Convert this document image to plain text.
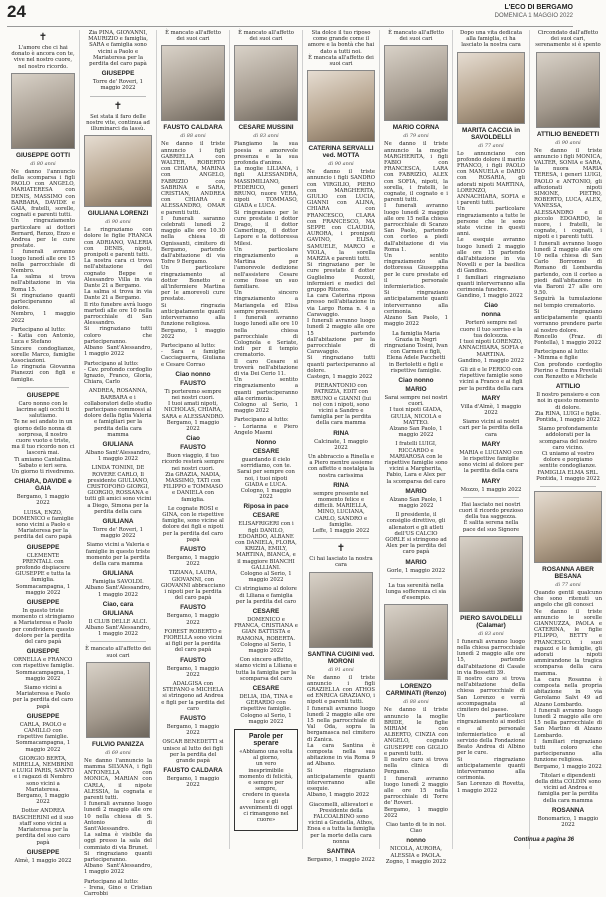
24	L'ECO DI BERGAMO
DOMENICA 1 MAGGIO 2022
✝

L'amore che ci hai donato è ancora con te, vive nel nostro cuore, nel nostro ricordo.

GIUSEPPE GOTTI
di 80 anni

Ne danno l'annuncio della scomparsa i figli PAOLO con ANGELO, MARIATERESA con DENIS, MASSIMO con BARBARA, DAVIDE e GAIA, fratelli, sorelle, cognati e parenti tutti.
Un ringraziamento particolare ai dottori Bernard, Renzo, Enzo e Andrea per le cure prestate.
I funerali avranno luogo lunedì alle ore 15 nella parrocchiale di Nembro.
La salma si trova nell'abitazione in via Roma 15.
Si ringraziano quanti parteciperanno al dolore.
Nembro, 1 maggio 2022

Partecipano al lutto:
- Katia con Antonio, Luca e Stefano
Sincere condoglianze, sorelle Marco, famiglie Associazioni.
Lo ringrazia Giovanna Pianezzi con figli e famiglie.

GIUSEPPE

Caro nonno con le lacrime agli occhi ti salutiamo.
Te ne sei andato in un giorno dello nonna di sorpresa, il nostro cuore vuoto e triste, ma il tuo ricordo non ci lascerà mai.
Ti amiamo Cantalina.
Sabato e ieri sera.
Un giorno ti rivedremo.

CHIARA, DAVIDE e GAIA

Bergamo, 1 maggio 2022

LUISA, ENZO, DOMENICO e famiglie sono vicini a Paolo e Mariateresa per la perdita del caro papà

GIUSEPPE

CLEMENTE PRENTALL con profondo dispiacere GIUSEPPE e tutta la famiglia.
Sommacampagna, 1 maggio 2022

GIUSEPPE

In questo triste momento ci stringiamo a Mariateresa e Paolo per condividere questo dolore per la perdita del caro papà

GIUSEPPE

ORNELLA e FRANCO con rispettive famiglie.
Sommacampagna, 1 maggio 2022

Siamo vicini a Mariateresa e Paolo per la perdita del caro papà

GIUSEPPE

CARLA, PAOLO e CAMILLO con rispettive famiglie.
Sommacampagna, 1 maggio 2022

GIORGIO BERTA, MIRELLA, NEMBRINI e LUIGI PARIS, SANTO e i ragazzi di Nembro sono vicini a Mariateresa.
Bergamo, 1 maggio 2022

Dottor ANDREA BASCHERINI ed il suo staff sono vicini a Mariateresa per la perdita del suo caro papà

GIUSEPPE

Almè, 1 maggio 2022

Zia PINA, GIOVANNI, MAURIZIO e famiglia, SARA e famiglia sono vicini a Paolo e Mariateresa per la perdita del caro papà

GIUSEPPE

Torre de' Roveri, 1 maggio 2022

✝

Sei stata il faro delle nostre vite, continua ad illuminarci da lassù.

GIULIANA LORENZI
di 90 anni

Le ringraziamo con dolore le figlie FRANCA con ADRIANO, VALERIA con DENIS, nipoti, pronipoti e parenti tutti.
La nostra cara ci trova nell'abitazione del cognato Beppe e Alessandro Villa in via Dante 21 a Bergamo.
La salma si trova in via Dante 21 a Bergamo.
Il rito funebre avrà luogo martedì alle ore 10 nella parrocchiale di San Alessandro.
Si ringraziano tutti coloro che parteciperanno.
Albano Sant'Alessandro, 1 maggio 2022

Partecipano al lutto:
- Cav. profondo cordoglio Ignazio, Franco, Gloria, Chiara, Carlo

ANDREA, ROSANNA, BARBARA e i collaboratori dello studio partecipano commossi al dolore della figlia Valeria e famigliari per la perdita della cara mamma

GIULIANA

Albano Sant'Alessandro, 1 maggio 2022

LINDA TONINI, DE ROVERE CARLO, Il presidente GIULIANO, CRISTOFORO GIORGI, GIORGIO, ROSSANA e tutti gli amici sono vicini a Diego, Simona per la perdita della cara

GIULIANA

Torre de' Roveri, 1 maggio 2022

Siamo vicini a Valeria e famiglie in questo triste momento per la perdita della cara mamma

GIULIANA

Famiglia SAVOLDI.
Albano Sant'Alessandro, 1 maggio 2022

Ciao, cara
GIULIANA

Il CLUB DELLE ALCI.
Albano Sant'Alessandro, 1 maggio 2022

È mancato all'affetto dei suoi cari

FULVIO PANIZZA
di 69 anni

Ne danno l'annuncio la mamma SILVANA, i figli ANTONELLA con MONICA, MARIAN con CARLA, il nipote ALESSIA, la cognata e parenti tutti.
I funerali avranno luogo lunedì 2 maggio alle ore 10 nella chiesa di S. Antonio di Sant'Alessandro.
La salma è visibile da oggi presso la sala del commiato di via Brunet.
Si ringraziano quanti parteciperanno.
Albano Sant'Alessandro, 1 maggio 2022

Partecipano al lutto:
- Irena, Gino e Cristian Carrobbi

È mancato all'affetto dei suoi cari

FAUSTO CALDARA
di 88 anni

Ne danno il triste annuncio i figli GABRIELLA con WALTER, ROBERTO con CHIARA, MARINA con ANGELO, FABRIZIO con SABRINA e SARA, CRISTIAN, ANDREA con CHIARA e ALESSANDRO, OMAR e parenti tutti.
I funerali saranno celebrati lunedì 2 maggio alle ore 10.30 nella chiesa di Ognissanti, cimitero di Bergamo, partendo dall'abitazione di via Tofre 9 Bergamo.
Un particolare ringraziamento al dottor Bonetto e all'infermiere Martina per le amorevoli cure prestate.
Si ringrazia anticipatamente quanti interverranno alla funzione religiosa.
Bergamo, 1 maggio 2022

Partecipano al lutto:
- Sara e famiglie Cacciaguerra, Giuliana e Cesare Corrao

Ciao nonno
FAUSTO

Ti porteremo sempre nei nostri cuori.
I tuoi amati nipoti, NICHOLAS, CHIARA, SARA e ALESSANDRO.
Bergamo, 1 maggio 2022

Ciao
FAUSTO

Buon viaggio, il tuo ricordo resterà sempre nei nostri cuori.
Zia GRAZIA, NADIA, MASSIMO, TATI con FILIPPO e TOMMASO e DANIELA con famiglia.

Le cognate ROSI e GINA, con le rispettive famiglie, sono vicine al dolore dei figli e nipoti per la perdita del caro papà

FAUSTO

Bergamo, 1 maggio 2022

TIZIANA, LAURA, GIOVANNI, con GIOVANNI abbracciano i nipoti per la perdita del caro papà

FAUSTO

Bergamo, 1 maggio 2022

FOREST ROBERTO e FIORELLA sono vicini ai figli per la perdita del caro papà

FAUSTO

Bergamo, 1 maggio 2022

ADALGISA con STEFANO e MICHELA si stringono ad Andrea e figli per la perdita del caro

FAUSTO

Bergamo, 1 maggio 2022

OSCAR BENEDETTI si unisce al lutto dei figli per la perdita del grande papà

FAUSTO CALDARA

Bergamo, 1 maggio 2022

È mancato all'affetto dei suoi cari

CESARE MUSSINI
di 83 anni

Piangiamo la sua poesia e amorevole presenza e la sua profonda d'animo.
La moglie LILIANA, i figli ALESSANDRA, MASSIMILIANO, FEDERICO, generi BRUNO, nuore VERA, nipoti TOMMASO, GIADA e LUCA.
Si ringraziano per le cure prestate il dottor Drago, il dottor Camerlingo, il dottor Lepore e la dottoressa Milesi.
Un particolare ringraziamento a Martina per l'amorevole dedizione nell'assistere Cesare come fosse un suo familiare.
Un sincero ringraziamento a Mariangela ed Elisa sempre presenti.
I funerali avranno luogo lunedì alle ore 10 nella chiesa parrocchiale di Colognola e Seriate, indi per il tempio crematorio.
Il caro Cesare si troverà nell'abitazione di via Dei Cerio 11.
Un sentito ringraziamento a quanti parteciperanno alla cerimonia.
Cologno al Serio, 1 maggio 2022

Partecipano al lutto:
- Lorianna e Piero Angelo Masmi

Nonno
CESARE

guardando il cielo sorridiamo, con te. Sarai per sempre con noi, i tuoi nipoti
GIADA e LUCA.
Cologno, 1 maggio 2022

Riposa in pace
CESARE

ELISAFRIGERI con i figli DANILO, EDOARDO, ALBANE con DANIELA, FLORA, KRIZIA, EMILY, MARTINA, BIANCA, e il maggiore BIANCHI GALLIANI.
Cologno al Serio, 1 maggio 2022

Ci stringiamo al dolore di Liliana e famiglia per la perdita del caro

CESARE

DOMENICO e FRANCA, CRISTIANA e GIAN BATTISTA e RAMONA, ROBERTA.
Cologno al Serio, 1 maggio 2022

Con sincero affetto, siamo vicini a Liliana e tutta la famiglia per la scomparsa del caro

CESARE

DELIA, IDA, TINA e GERARDO con rispettive famiglie.
Cologno al Serio, 1 maggio 2022

Parole per sperare

«Abbiamo una volta al giorno,
un vero inesprimibile momento di felicità, e sempre per sempre,
credere in questa luce e gli avvenimenti di oggi ci rimangono nel cuore»

Sta dolce il tuo riposo come grande come il amore e la bontà che hai dato a tutti noi.
È mancata all'affetto dei suoi cari

CATERINA SERVALLI ved. MOTTA
di 90 anni

Ne danno il triste annuncio i figli SANDRO con VIRGILIO, PIERO con MARGHERITA, GIULIO con LUCIA, GIANNI con ALINA, CHIARA con FRANCESCO, CLARA con FRANCESCO, MA SEPPE con CLAUDIA, AURORA, i pronipoti GAVINO, ELISA, SAMUELE, MARCO e VIOLA, la sorella MARZIA e parenti tutti.
Si ringraziano per le cure prestate il dottor Guglielmo Pezzoli, infermieri e medici del gruppo Ritorno.
La cara Caterina riposa presso nell'abitazione in via Largo Roma n. 4 a Caravaggio.
I funerali avranno luogo lunedì 2 maggio alle ore 15 partendo dall'abitazione per la parrocchiale di Caravaggio.
Si ringraziano tutti quanti parteciperanno al dolore.
Castegn, 1 maggio 2022

PIERANTONIO con PATRIZIA, EDIT con BRUNO e GIANNI (lui no) con i nipoti, sono vicini a Sandro e famiglia per la perdita della cara mamma

RINA

Calcinate, 1 maggio 2022

Un abbraccio a Rinella e a Piero mentre assieme con affetto e nostalgia la nostra carissima

RINA

sempre presente nel momento felice e difficili. MARIELLA, MINO, LUCIANA, CARLO, SANDRO e famiglie.
Leffe, 1 maggio 2022

✝

Ci hai lasciato la nostra cara

SANTINA CUGINI ved. MORONI
di 91 anni

Ne danno il triste annuncio i figli GRAZIELLA con ATHOS ed ENRICA GRAZIANO, i nipoti e parenti tutti.
I funerali avranno luogo lunedì 2 maggio alle ore 15 nella parrocchiale di Val Oda, sopra la bergamasca nel cimitero di Zanica.
La cara Santina è composta nella sua abitazione in via Roma 9 ad Albano.
Si ringraziano anticipatamente quanti interverranno alle esequie.
Albano, 1 maggio 2022

Giacomelli, allievatori e Presidente della FALCOALBINO sono vicini a Graziella, Athos, Enea e a tutta la famiglia per la morte della cara nonna

SANTINA

Bergamo, 1 maggio 2022

È mancato all'affetto dei suoi cari

MARIO CORNA
di 79 anni

Ne danno il triste annuncio la moglie MARGHERITA, i figli FABIO con FRANCESCA, LARA con FABRIZIO, ALEX con SOFIA, nipoti, la sorella, i fratelli, le cognate, il cognato e i parenti tutti.
I funerali avranno luogo lunedì 2 maggio alle ore 15 nella chiesa parrocchiale di Scanzo San Paolo, partendo con corteo a piedi dall'abitazione di via Roma 1.
Un sentito ringraziamento alla dottoressa Giuseppina per le cure prestate ed il personale infermieristico.
Si ringraziano anticipatamente quanti interverranno alla cerimonia.
Alzano San Paolo, 1 maggio 2022

La famiglia Maria Grazia in Negri ringraziano Tosini, Ivan con Carmen e figli, Elena Adele Pacchetti in Bertoletti e figli e rispettive famiglie.

Ciao nonno
MARIO

Sarai sempre nei nostri cuori.
I tuoi nipoti GIADA, GIULIA, NICOLA e MATTEO.
Alzano San Paolo, 1 maggio 2022

I fratelli LUIGI, RICCARDO e MARIAROSA con le rispettive famiglie sono vicini a Margherita, Fabio, Lara e Alex per la scomparsa del caro

MARIO

Alzano San Paolo, 1 maggio 2022

Il presidente, il consiglio direttivo, gli allenatori e gli atleti dell'US CALCIO GORLE si stringono ad Alex per la perdita del caro papà

MARIO

Gorle, 1 maggio 2022

La tua serenità nella lunga sofferenza ci sia d'esempio.

LORENZO CARMINATI (Renzo)
di 88 anni

Ne danno il triste annuncio la moglie BRIDE, le figlie MIRIAM con ALBERTO, CINZIA con ANGELO, cognato GIUSEPPE con GIGLIO e parenti tutti.
Il nostro caro si trova nella clinica di Pergamo.
I funerali avranno luogo lunedì 2 maggio alle ore 15 nella parrocchiale di Torre de' Roveri.
Bergamo, 1 maggio 2022

Ciao tanto di te in noi.
Ciao

nonno

NICOLA, AURORA, ALESSIA e PAOLA.
Zogno, 1 maggio 2022

Dopo una vita dedicata alla famiglia, ci ha lasciato la nostra cara

MARITA CACCIA in SAVOLDELLI
di 77 anni

Lo annunciano con profondo dolore il marito FRANCO, i figli PAOLO con MANUELA e DARIO con ROSARIA, gli adorati nipoti MARTINA, LORENZO, ANNACHIARA, SOFIA e i parenti tutti.
Un particolare ringraziamento a tutte le persone che le sono state vicine in questi anni.
Le esequie avranno luogo lunedì 2 maggio alle ore 15 partendo dall'abitazione in via Novelli e per la basilica di Gandino.
I familiari ringraziano quanti interverranno alla cerimonia funebre.
Gandino, 1 maggio 2022

Ciao
nonna

Porterò sempre nel cuore il tuo sorriso e la tua dolcezza.
I tuoi nipoti LORENZO, ANNACHIARA, SOFIA e MARTINA.
Gandino, 1 maggio 2022

Gli zii e le PERICO con rispettive famiglie sono vicini a Franco e ai figli per la perdita della cara

MARY

Villa d'Almè, 1 maggio 2022

Siamo vicini ai nostri cari per la perdita della cara

MARY

MARIA e LUCIANO con le rispettive famiglie sono vicini al dolore per la perdita della cara

MARY

Mozzo, 1 maggio 2022

Hai lasciato nei nostri cuori il ricordo prezioso della tua saggezza.
È salita serena nella pace del suo Signore

PIERO SAVOLDELLI (Calamar)
di 83 anni

I funerali avranno luogo nella chiesa parrocchiale lunedì 2 maggio alle ore 15, partendo dall'abitazione di Casale in via Bossetti 39.
Il nostro caro si trova nell'abitazione della chiesa parrocchiale di San Lorenzo e verrà accompagnata al cimitero del paese.
Un particolare ringraziamento ai medici e al personale infermieristico e al servizio della Fondazione Beato Andrea di Albino per le cure.
Si ringraziano anticipatamente quanti interverranno alla cerimonia.
San Lorenzo di Rovetta, 1 maggio 2022

Circondato dall'affetto dei suoi cari, serenamente si è spento

ATTILIO BENEDETTI
di 90 anni

Ne danno il triste annuncio i figli MONICA, VALTER, SONIA e SARA, la nuora MARIA TERESA, i generi LUIGI, PAOLO e ANTONIO, gli affezionati nipoti SIMONE, PIETRO, ROBERTO, LUCA, ALEX, VANESSA, ALESSANDRO e il piccolo EDOARDO, le nuore, i fratelli, le cognate, i cognati, i nipoti e i parenti tutti.
I funerali avranno luogo lunedì 2 maggio alle ore 10 nella chiesa di San Carlo Borromeo di Romano di Lombardia partendo, con il corteo a piedi dall'abitazione in via Baroni 27 alle ore 9.50.
Seguirà la tumulazione nel tempio crematorio.
Si ringraziano anticipatamente quanti vorranno prendere parte al nostro dolore.
Roncello (Fraz. di Fontella), 1 maggio 2022

Partecipano al lutto:
- Mimma e figlie
Con profondo cordoglio Pierino e Emma Previtali con Renzetto e Michele

ATTILIO

Il nostro pensiero e con noi in questo momento di dolore.
Zia RINA, LUIGI e figlie.
Pontida, 1 maggio 2022

Siamo profondamente addolorati per la scomparsa del nostro caro vicino.
Ci uniamo al vostro dolore e porgiamo sentite condoglianze.
FAMIGLIA ELMA SRL.
Pontida, 1 maggio 2022

ROSANNA ABER BESANA
di 77 anni

Quando gentil qualcuno che sono ritenuti un angelo che gli conosci
Ne danno il triste annuncio le sorelle GIANNUZZA, PAOLA e CATERINA, le figlie FILIPPO, BETTY e FRANCESCO, i suoi ragazzi e le famiglie, gli adorati nipoti ammirandone la tragica scomparsa della cara mamma.
La cara Rosanna è composta nella propria abitazione in via Gerolamo Salvi 49 ad Alzano Lombardo.
I funerali avranno luogo lunedì 2 maggio alle ore 15 nella parrocchiale di San Martino di Alzano Lombardo.
I familiari ringraziano tutti coloro che parteciperanno alla funzione religiosa.
Bergamo, 1 maggio 2022

Titolari e dipendenti della ditta COLDIN sono vicini ad Andrea e famiglia per la perdita della cara mamma

ROSANNA

Bonomarico, 1 maggio 2022

Continua a pagina 36
